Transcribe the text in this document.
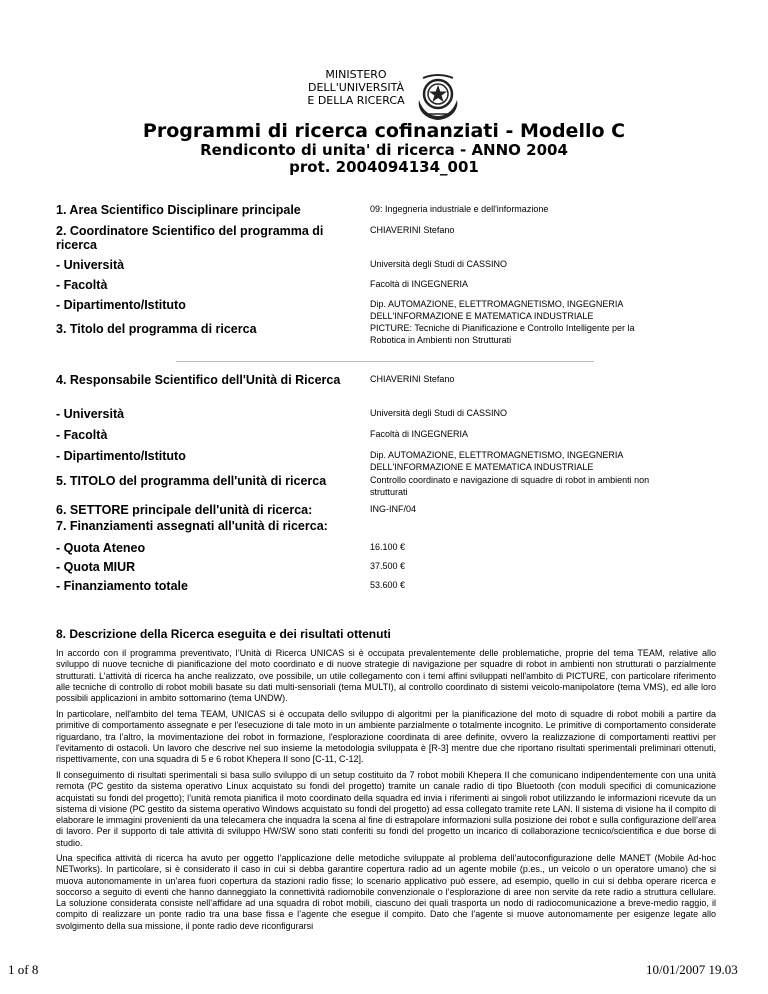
MINISTERO
DELL'UNIVERSITÀ
E DELLA RICERCA
Programmi di ricerca cofinanziati - Modello C
Rendiconto di unita' di ricerca - ANNO 2004
prot. 2004094134_001
1. Area Scientifico Disciplinare principale	09: Ingegneria industriale e dell'informazione
2. Coordinatore Scientifico del programma di ricerca
CHIAVERINI Stefano
- Università	Università degli Studi di CASSINO
- Facoltà	Facoltà di INGEGNERIA
- Dipartimento/Istituto	Dip. AUTOMAZIONE, ELETTROMAGNETISMO, INGEGNERIA DELL'INFORMAZIONE E MATEMATICA INDUSTRIALE
3. Titolo del programma di ricerca	PICTURE: Tecniche di Pianificazione e Controllo Intelligente per la Robotica in Ambienti non Strutturati
4. Responsabile Scientifico dell'Unità di Ricerca	CHIAVERINI Stefano
- Università	Università degli Studi di CASSINO
- Facoltà	Facoltà di INGEGNERIA
- Dipartimento/Istituto	Dip. AUTOMAZIONE, ELETTROMAGNETISMO, INGEGNERIA DELL'INFORMAZIONE E MATEMATICA INDUSTRIALE
5. TITOLO del programma dell'unità di ricerca	Controllo coordinato e navigazione di squadre di robot in ambienti non strutturati
6. SETTORE principale dell'unità di ricerca:	ING-INF/04
7. Finanziamenti assegnati all'unità di ricerca:
- Quota Ateneo	16.100 €
- Quota MIUR	37.500 €
- Finanziamento totale	53.600 €
8. Descrizione della Ricerca eseguita e dei risultati ottenuti
In accordo con il programma preventivato, l’Unità di Ricerca UNICAS si è occupata prevalentemente delle problematiche, proprie del tema TEAM, relative allo sviluppo di nuove tecniche di pianificazione del moto coordinato e di nuove strategie di navigazione per squadre di robot in ambienti non strutturati o parzialmente strutturati. L’attività di ricerca ha anche realizzato, ove possibile, un utile collegamento con i temi affini sviluppati nell'ambito di PICTURE, con particolare riferimento alle tecniche di controllo di robot mobili basate su dati multi-sensoriali (tema MULTI), al controllo coordinato di sistemi veicolo-manipolatore (tema VMS), ed alle loro possibili applicazioni in ambito sottomarino (tema UNDW).
In particolare, nell'ambito del tema TEAM, UNICAS si è occupata dello sviluppo di algoritmi per la pianificazione del moto di squadre di robot mobili a partire da primitive di comportamento assegnate e per l'esecuzione di tale moto in un ambiente parzialmente o totalmente incognito. Le primitive di comportamento considerate riguardano, tra l’altro, la movimentazione dei robot in formazione, l'esplorazione coordinata di aree definite, ovvero la realizzazione di comportamenti reattivi per l'evitamento di ostacoli. Un lavoro che descrive nel suo insieme la metodologia sviluppata è [R-3] mentre due che riportano risultati sperimentali preliminari ottenuti, rispettivamente, con una squadra di 5 e 6 robot Khepera II sono [C-11, C-12].
Il conseguimento di risultati sperimentali si basa sullo sviluppo di un setup costituito da 7 robot mobili Khepera II che comunicano indipendentemente con una unità remota (PC gestito da sistema operativo Linux acquistato su fondi del progetto) tramite un canale radio di tipo Bluetooth (con moduli specifici di comunicazione acquistati su fondi del progetto); l’unità remota pianifica il moto coordinato della squadra ed invia i riferimenti ai singoli robot utilizzando le informazioni ricevute da un sistema di visione (PC gestito da sistema operativo Windows acquistato su fondi del progetto) ad essa collegato tramite rete LAN. Il sistema di visione ha il compito di elaborare le immagini provenienti da una telecamera che inquadra la scena al fine di estrapolare informazioni sulla posizione dei robot e sulla configurazione dell’area di lavoro. Per il supporto di tale attività di sviluppo HW/SW sono stati conferiti su fondi del progetto un incarico di collaborazione tecnico/scientifica e due borse di studio.
Una specifica attività di ricerca ha avuto per oggetto l’applicazione delle metodiche sviluppate al problema dell’autoconfigurazione delle MANET (Mobile Ad-hoc NETworks). In particolare, si è considerato il caso in cui si debba garantire copertura radio ad un agente mobile (p.es., un veicolo o un operatore umano) che si muova autonomamente in un’area fuori copertura da stazioni radio fisse; lo scenario applicativo può essere, ad esempio, quello in cui si debba operare ricerca e soccorso a seguito di eventi che hanno danneggiato la connettività radiomobile convenzionale o l’esplorazione di aree non servite da rete radio a struttura cellulare. La soluzione considerata consiste nell’affidare ad una squadra di robot mobili, ciascuno dei quali trasporta un nodo di radiocomunicazione a breve-medio raggio, il compito di realizzare un ponte radio tra una base fissa e l’agente che esegue il compito. Dato che l’agente si muove autonomamente per esigenze legate allo svolgimento della sua missione, il ponte radio deve riconfigurarsi
1 of 8	10/01/2007 19.03
